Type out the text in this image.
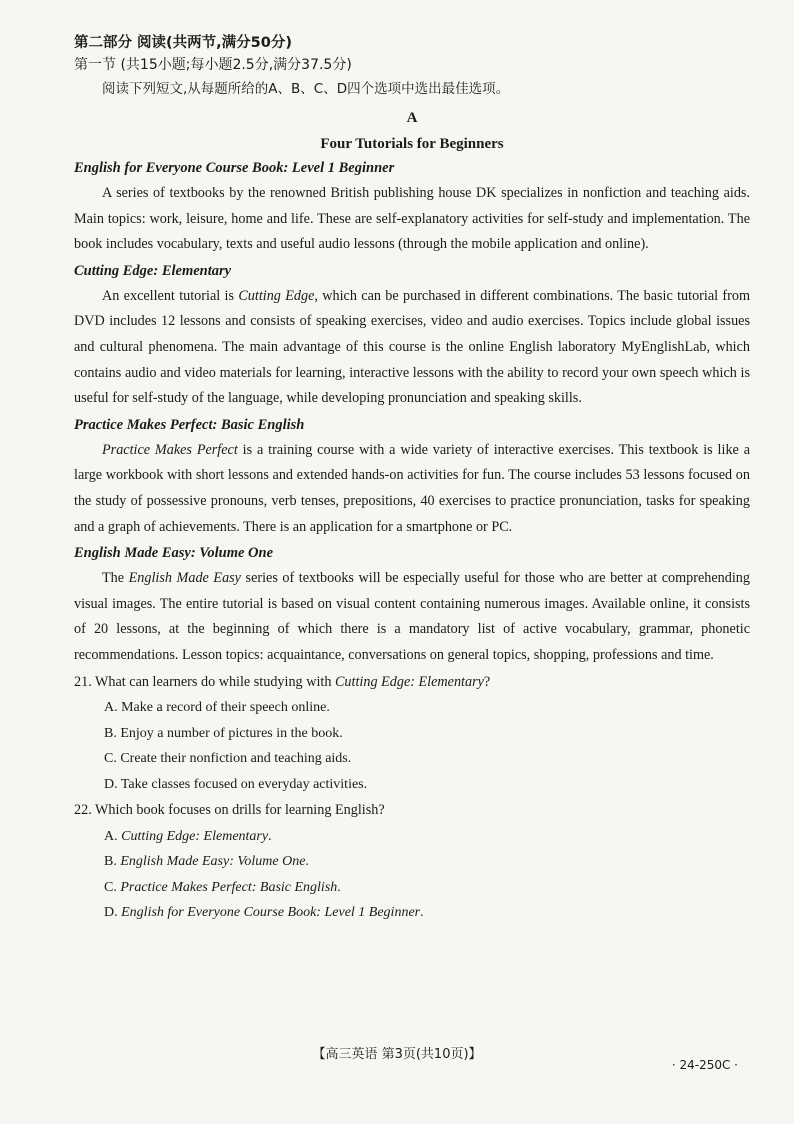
第二部分 阅读(共两节,满分50分)
第一节 (共15小题;每小题2.5分,满分37.5分)

阅读下列短文,从每题所给的A、B、C、D四个选项中选出最佳选项。

A
Four Tutorials for Beginners

English for Everyone Course Book: Level 1 Beginner

A series of textbooks by the renowned British publishing house DK specializes in nonfiction and teaching aids. Main topics: work, leisure, home and life. These are self-explanatory activities for self-study and implementation. The book includes vocabulary, texts and useful audio lessons (through the mobile application and online).

Cutting Edge: Elementary

An excellent tutorial is Cutting Edge, which can be purchased in different combinations. The basic tutorial from DVD includes 12 lessons and consists of speaking exercises, video and audio exercises. Topics include global issues and cultural phenomena. The main advantage of this course is the online English laboratory MyEnglishLab, which contains audio and video materials for learning, interactive lessons with the ability to record your own speech which is useful for self-study of the language, while developing pronunciation and speaking skills.

Practice Makes Perfect: Basic English

Practice Makes Perfect is a training course with a wide variety of interactive exercises. This textbook is like a large workbook with short lessons and extended hands-on activities for fun. The course includes 53 lessons focused on the study of possessive pronouns, verb tenses, prepositions, 40 exercises to practice pronunciation, tasks for speaking and a graph of achievements. There is an application for a smartphone or PC.

English Made Easy: Volume One

The English Made Easy series of textbooks will be especially useful for those who are better at comprehending visual images. The entire tutorial is based on visual content containing numerous images. Available online, it consists of 20 lessons, at the beginning of which there is a mandatory list of active vocabulary, grammar, phonetic recommendations. Lesson topics: acquaintance, conversations on general topics, shopping, professions and time.

21. What can learners do while studying with Cutting Edge: Elementary?

A. Make a record of their speech online.

B. Enjoy a number of pictures in the book.

C. Create their nonfiction and teaching aids.

D. Take classes focused on everyday activities.

22. Which book focuses on drills for learning English?

A. Cutting Edge: Elementary.

B. English Made Easy: Volume One.

C. Practice Makes Perfect: Basic English.

D. English for Everyone Course Book: Level 1 Beginner.

【高三英语 第3页(共10页)】
· 24-250C ·
